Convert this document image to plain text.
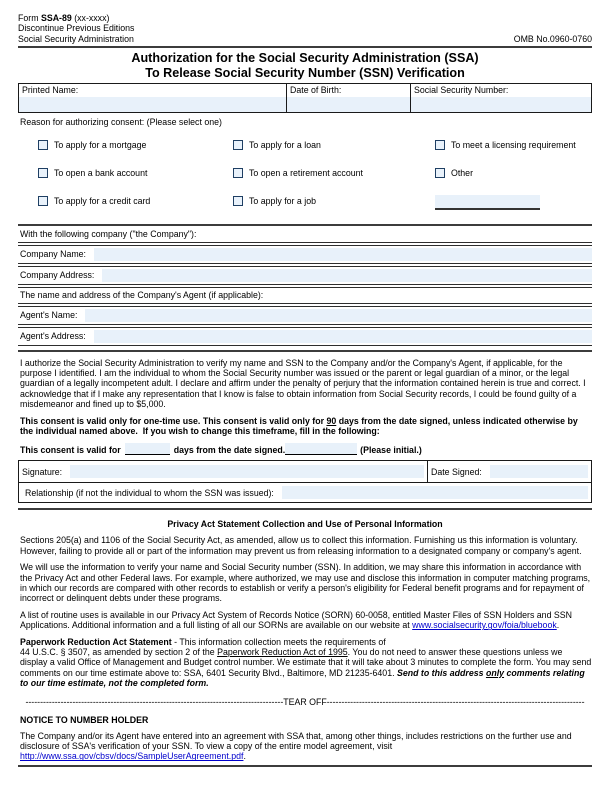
Form SSA-89 (xx-xxxx)
Discontinue Previous Editions
Social Security Administration	OMB No.0960-0760
Authorization for the Social Security Administration (SSA)
To Release Social Security Number (SSN) Verification
Printed Name:	Date of Birth:	Social Security Number:
Reason for authorizing consent: (Please select one)
To apply for a mortgage	To apply for a loan	To meet a licensing requirement
To open a bank account	To open a retirement account	Other
To apply for a credit card	To apply for a job
With the following company ("the Company"):
Company Name:
Company Address:
The name and address of the Company's Agent (if applicable):
Agent's Name:
Agent's Address:
I authorize the Social Security Administration to verify my name and SSN to the Company and/or the Company's Agent, if applicable, for the purpose I identified. I am the individual to whom the Social Security number was issued or the parent or legal guardian of a minor, or the legal guardian of a legally incompetent adult. I declare and affirm under the penalty of perjury that the information contained herein is true and correct. I acknowledge that if I make any representation that I know is false to obtain information from Social Security records, I could be found guilty of a misdemeanor and fined up to $5,000.
This consent is valid only for one-time use. This consent is valid only for 90 days from the date signed, unless indicated otherwise by the individual named above.  If you wish to change this timeframe, fill in the following:
This consent is valid for	days from the date signed.	(Please initial.)
Signature:	Date Signed:
Relationship (if not the individual to whom the SSN was issued):
Privacy Act Statement Collection and Use of Personal Information
Sections 205(a) and 1106 of the Social Security Act, as amended, allow us to collect this information. Furnishing us this information is voluntary. However, failing to provide all or part of the information may prevent us from releasing information to a designated company or company's agent.
We will use the information to verify your name and Social Security number (SSN). In addition, we may share this information in accordance with the Privacy Act and other Federal laws. For example, where authorized, we may use and disclose this information in computer matching programs, in which our records are compared with other records to establish or verify a person's eligibility for Federal benefit programs and for repayment of incorrect or delinquent debts under these programs.
A list of routine uses is available in our Privacy Act System of Records Notice (SORN) 60-0058, entitled Master Files of SSN Holders and SSN Applications. Additional information and a full listing of all our SORNs are available on our website at www.socialsecurity.gov/foia/bluebook.
Paperwork Reduction Act Statement - This information collection meets the requirements of
44 U.S.C. § 3507, as amended by section 2 of the Paperwork Reduction Act of 1995. You do not need to answer these questions unless we display a valid Office of Management and Budget control number. We estimate that it will take about 3 minutes to complete the form. You may send comments on our time estimate above to: SSA, 6401 Security Blvd., Baltimore, MD 21235-6401. Send to this address only comments relating to our time estimate, not the completed form.
---------------------------------------------------------------------------------------- TEAR OFF ----------------------------------------------------------------------------------------
NOTICE TO NUMBER HOLDER
The Company and/or its Agent have entered into an agreement with SSA that, among other things, includes restrictions on the further use and disclosure of SSA's verification of your SSN. To view a copy of the entire model agreement, visit http://www.ssa.gov/cbsv/docs/SampleUserAgreement.pdf.
